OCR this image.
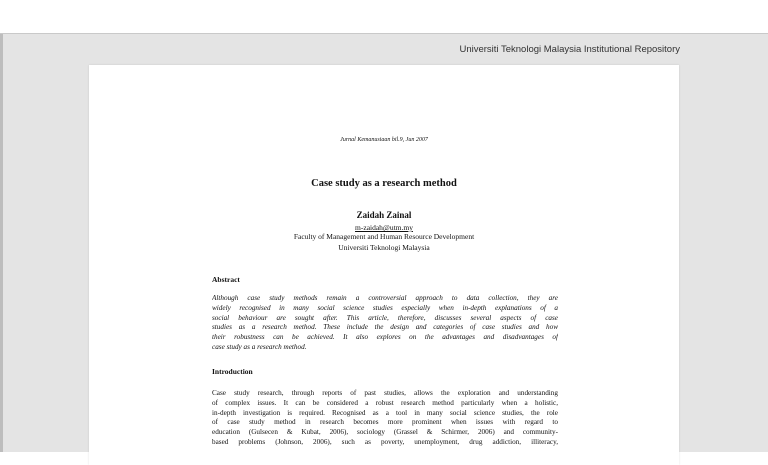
Universiti Teknologi Malaysia Institutional Repository
Jurnal Kemanusiaan bil.9, Jun 2007
Case study as a research method
Zaidah Zainal
m-zaidah@utm.my
Faculty of Management and Human Resource Development
Universiti Teknologi Malaysia
Abstract
Although case study methods remain a controversial approach to data collection, they are
widely recognised in many social science studies especially when in-depth explanations of a
social behaviour are sought after. This article, therefore, discusses several aspects of case
studies as a research method. These include the design and categories of case studies and how
their robustness can be achieved. It also explores on the advantages and disadvantages of
case study as a research method.
Introduction
Case study research, through reports of past studies, allows the exploration and understanding
of complex issues. It can be considered a robust research method particularly when a holistic,
in-depth investigation is required. Recognised as a tool in many social science studies, the role
of case study method in research becomes more prominent when issues with regard to
education (Gulsecen & Kubat, 2006), sociology (Grassel & Schirmer, 2006) and community-
based problems (Johnson, 2006), such as poverty, unemployment, drug addiction, illiteracy,
